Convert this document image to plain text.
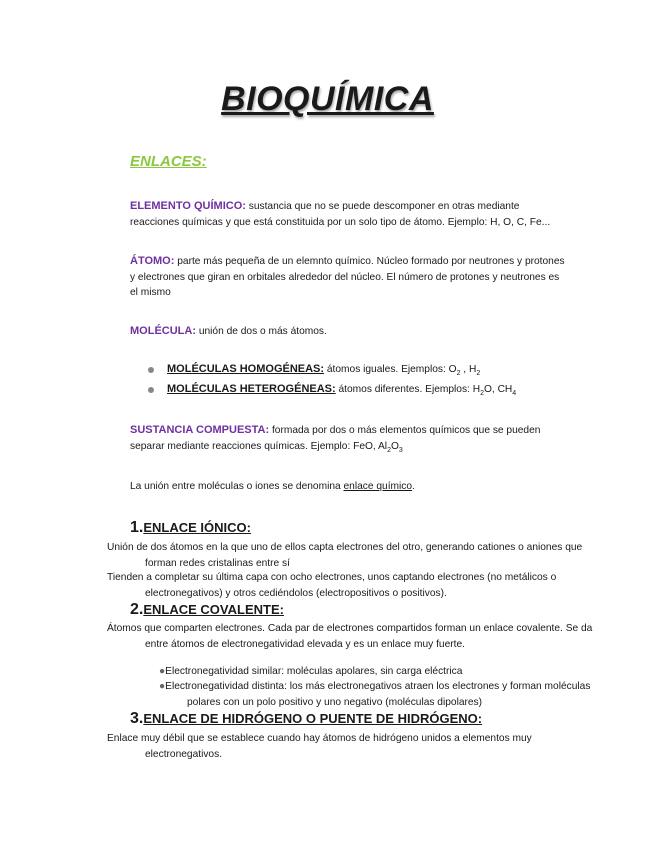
BIOQUÍMICA
ENLACES:
ELEMENTO QUÍMICO: sustancia que no se puede descomponer en otras mediante reacciones químicas y que está constituida por un solo tipo de átomo. Ejemplo: H, O, C, Fe...
ÁTOMO: parte más pequeña de un elemnto químico. Núcleo formado por neutrones y protones y electrones que giran en orbitales alrededor del núcleo. El número de protones y neutrones es el mismo
MOLÉCULA: unión de dos o más átomos.
MOLÉCULAS HOMOGÉNEAS: átomos iguales. Ejemplos: $O_2$ , $H_2$
MOLÉCULAS HETEROGÉNEAS: átomos diferentes. Ejemplos: $H_2O$, $CH_4$
SUSTANCIA COMPUESTA: formada por dos o más elementos químicos que se pueden separar mediante reacciones químicas. Ejemplo: FeO, $Al_2O_3$
La unión entre moléculas o iones se denomina enlace químico.
1.ENLACE IÓNICO:
Unión de dos átomos en la que uno de ellos capta electrones del otro, generando cationes o aniones que forman redes cristalinas entre sí
Tienden a completar su última capa con ocho electrones, unos captando electrones (no metálicos o electronegativos) y otros cediéndolos (electropositivos o positivos).
2.ENLACE COVALENTE:
Átomos que comparten electrones. Cada par de electrones compartidos forman un enlace covalente. Se da entre átomos de electronegatividad elevada y es un enlace muy fuerte.
●Electronegatividad similar: moléculas apolares, sin carga eléctrica
●Electronegatividad distinta: los más electronegativos atraen los electrones y forman moléculas polares con un polo positivo y uno negativo (moléculas dipolares)
3.ENLACE DE HIDRÓGENO O PUENTE DE HIDRÓGENO:
Enlace muy débil que se establece cuando hay átomos de hidrógeno unidos a elementos muy electronegativos.
